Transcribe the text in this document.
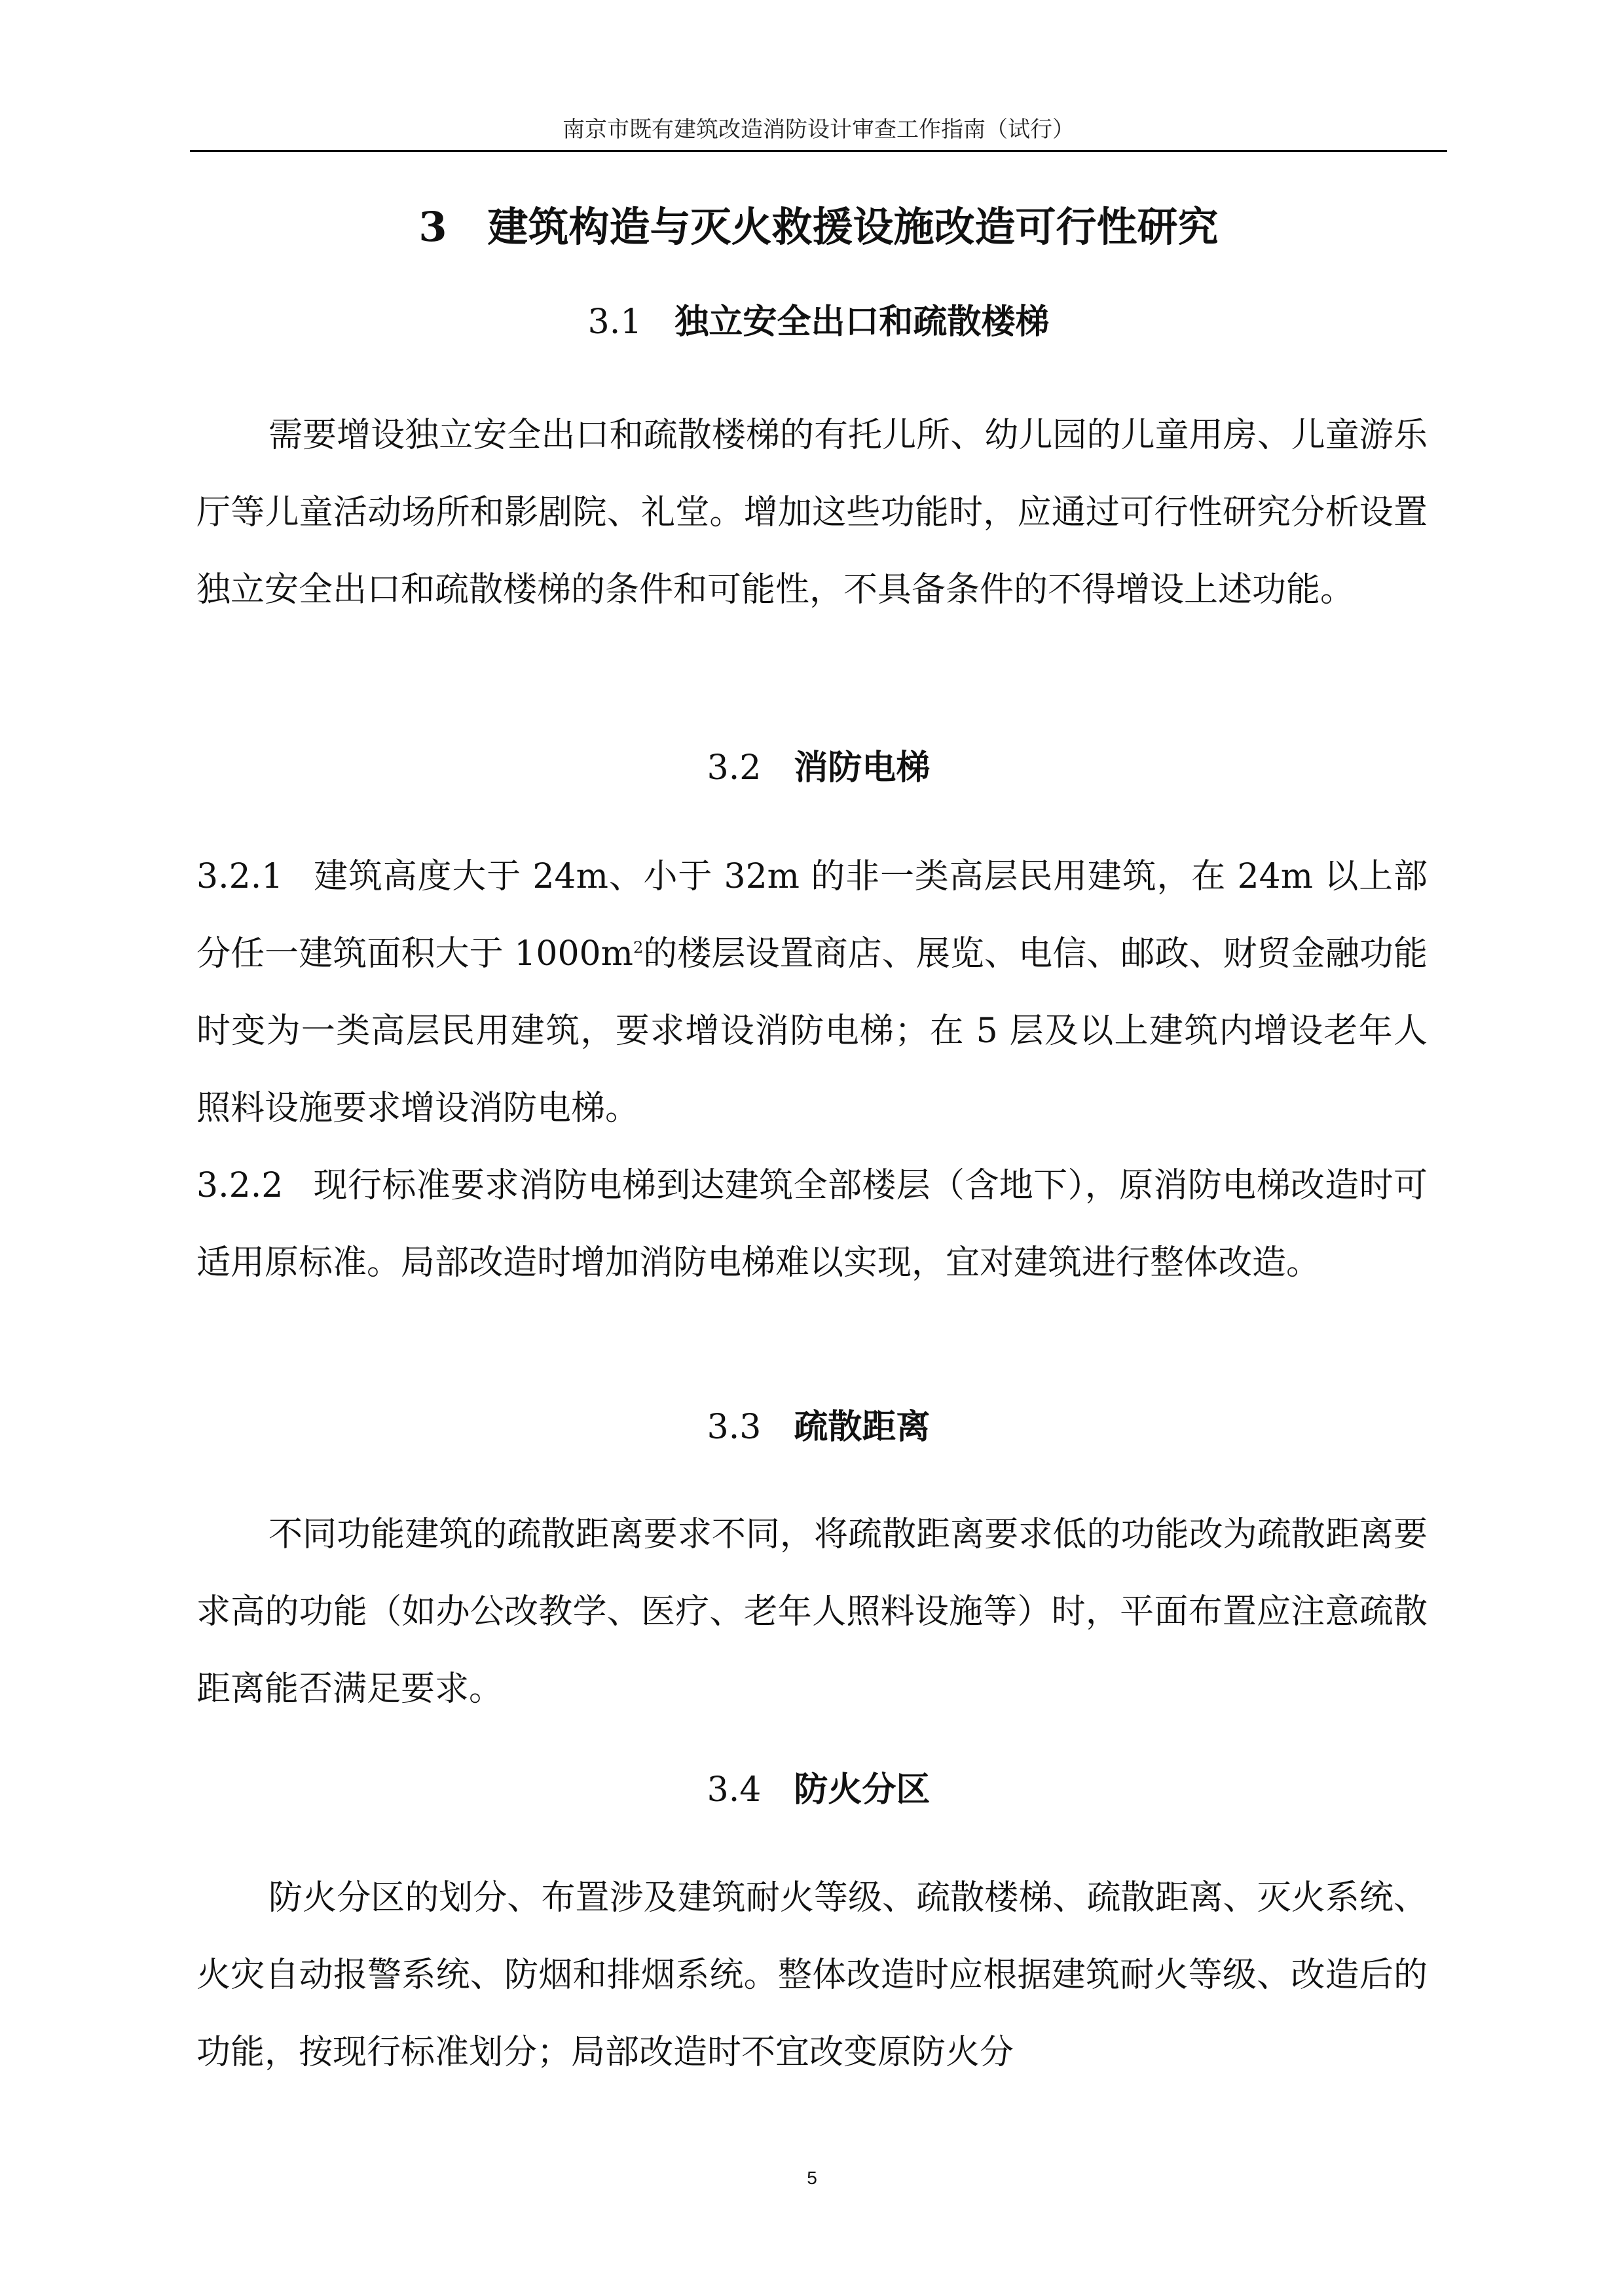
南京市既有建筑改造消防设计审查工作指南（试行）
3　建筑构造与灭火救援设施改造可行性研究
3.1 独立安全出口和疏散楼梯
需要增设独立安全出口和疏散楼梯的有托儿所、幼儿园的儿童用房、儿童游乐厅等儿童活动场所和影剧院、礼堂。增加这些功能时，应通过可行性研究分析设置独立安全出口和疏散楼梯的条件和可能性，不具备条件的不得增设上述功能。
3.2 消防电梯
3.2.1 建筑高度大于 24m、小于 32m 的非一类高层民用建筑，在 24m 以上部分任一建筑面积大于 $1000m^2$的楼层设置商店、展览、电信、邮政、财贸金融功能时变为一类高层民用建筑，要求增设消防电梯；在 5 层及以上建筑内增设老年人照料设施要求增设消防电梯。
3.2.2 现行标准要求消防电梯到达建筑全部楼层（含地下），原消防电梯改造时可适用原标准。局部改造时增加消防电梯难以实现，宜对建筑进行整体改造。
3.3 疏散距离
不同功能建筑的疏散距离要求不同，将疏散距离要求低的功能改为疏散距离要求高的功能（如办公改教学、医疗、老年人照料设施等）时，平面布置应注意疏散距离能否满足要求。
3.4 防火分区
防火分区的划分、布置涉及建筑耐火等级、疏散楼梯、疏散距离、灭火系统、火灾自动报警系统、防烟和排烟系统。整体改造时应根据建筑耐火等级、改造后的功能，按现行标准划分；局部改造时不宜改变原防火分
5
